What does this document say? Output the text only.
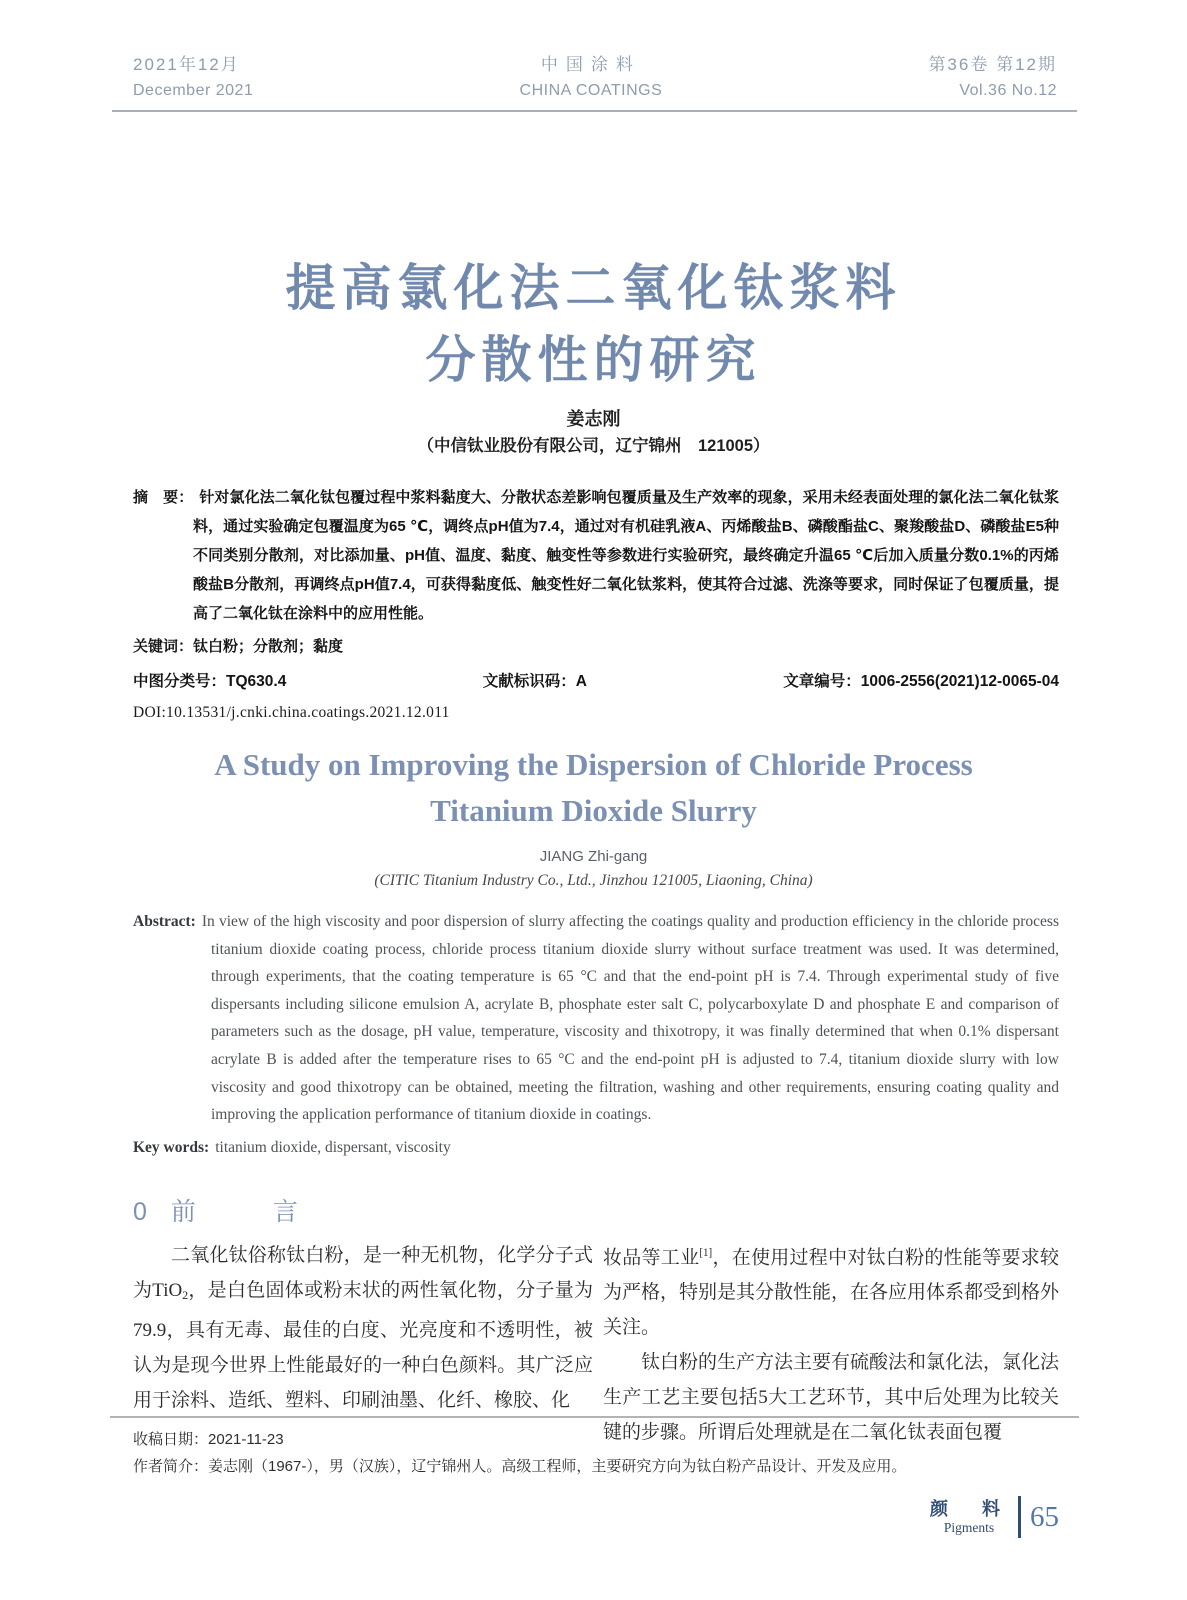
2021年12月
December 2021
中国涂料
CHINA COATINGS
第36卷 第12期
Vol.36 No.12
提高氯化法二氧化钛浆料
分散性的研究
姜志刚
（中信钛业股份有限公司，辽宁锦州　121005）

摘　要： 针对氯化法二氧化钛包覆过程中浆料黏度大、分散状态差影响包覆质量及生产效率的现象，采用未经表面处理的氯化法二氧化钛浆料，通过实验确定包覆温度为65 ℃，调终点pH值为7.4，通过对有机硅乳液A、丙烯酸盐B、磷酸酯盐C、聚羧酸盐D、磷酸盐E5种不同类别分散剂，对比添加量、pH值、温度、黏度、触变性等参数进行实验研究，最终确定升温65 ℃后加入质量分数0.1%的丙烯酸盐B分散剂，再调终点pH值7.4，可获得黏度低、触变性好二氧化钛浆料，使其符合过滤、洗涤等要求，同时保证了包覆质量，提高了二氧化钛在涂料中的应用性能。

关键词：钛白粉；分散剂；黏度

中图分类号：TQ630.4	文献标识码：A	文章编号：1006-2556(2021)12-0065-04
DOI:10.13531/j.cnki.china.coatings.2021.12.011
A Study on Improving the Dispersion of Chloride Process
Titanium Dioxide Slurry
JIANG Zhi-gang
(CITIC Titanium Industry Co., Ltd., Jinzhou 121005, Liaoning, China)

Abstract: In view of the high viscosity and poor dispersion of slurry affecting the coatings quality and production efficiency in the chloride process titanium dioxide coating process, chloride process titanium dioxide slurry without surface treatment was used. It was determined, through experiments, that the coating temperature is 65 °C and that the end-point pH is 7.4. Through experimental study of five dispersants including silicone emulsion A, acrylate B, phosphate ester salt C, polycarboxylate D and phosphate E and comparison of parameters such as the dosage, pH value, temperature, viscosity and thixotropy, it was finally determined that when 0.1% dispersant acrylate B is added after the temperature rises to 65 °C and the end-point pH is adjusted to 7.4, titanium dioxide slurry with low viscosity and good thixotropy can be obtained, meeting the filtration, washing and other requirements, ensuring coating quality and improving the application performance of titanium dioxide in coatings.

Key words: titanium dioxide, dispersant, viscosity

0 前　言

二氧化钛俗称钛白粉，是一种无机物，化学分子式为TiO$_2$，是白色固体或粉末状的两性氧化物，分子量为79.9，具有无毒、最佳的白度、光亮度和不透明性，被认为是现今世界上性能最好的一种白色颜料。其广泛应用于涂料、造纸、塑料、印刷油墨、化纤、橡胶、化

妆品等工业[1]，在使用过程中对钛白粉的性能等要求较为严格，特别是其分散性能，在各应用体系都受到格外关注。

钛白粉的生产方法主要有硫酸法和氯化法，氯化法生产工艺主要包括5大工艺环节，其中后处理为比较关键的步骤。所谓后处理就是在二氧化钛表面包覆

收稿日期：2021-11-23
作者简介：姜志刚（1967-），男（汉族），辽宁锦州人。高级工程师，主要研究方向为钛白粉产品设计、开发及应用。
颜　料
Pigments	65
